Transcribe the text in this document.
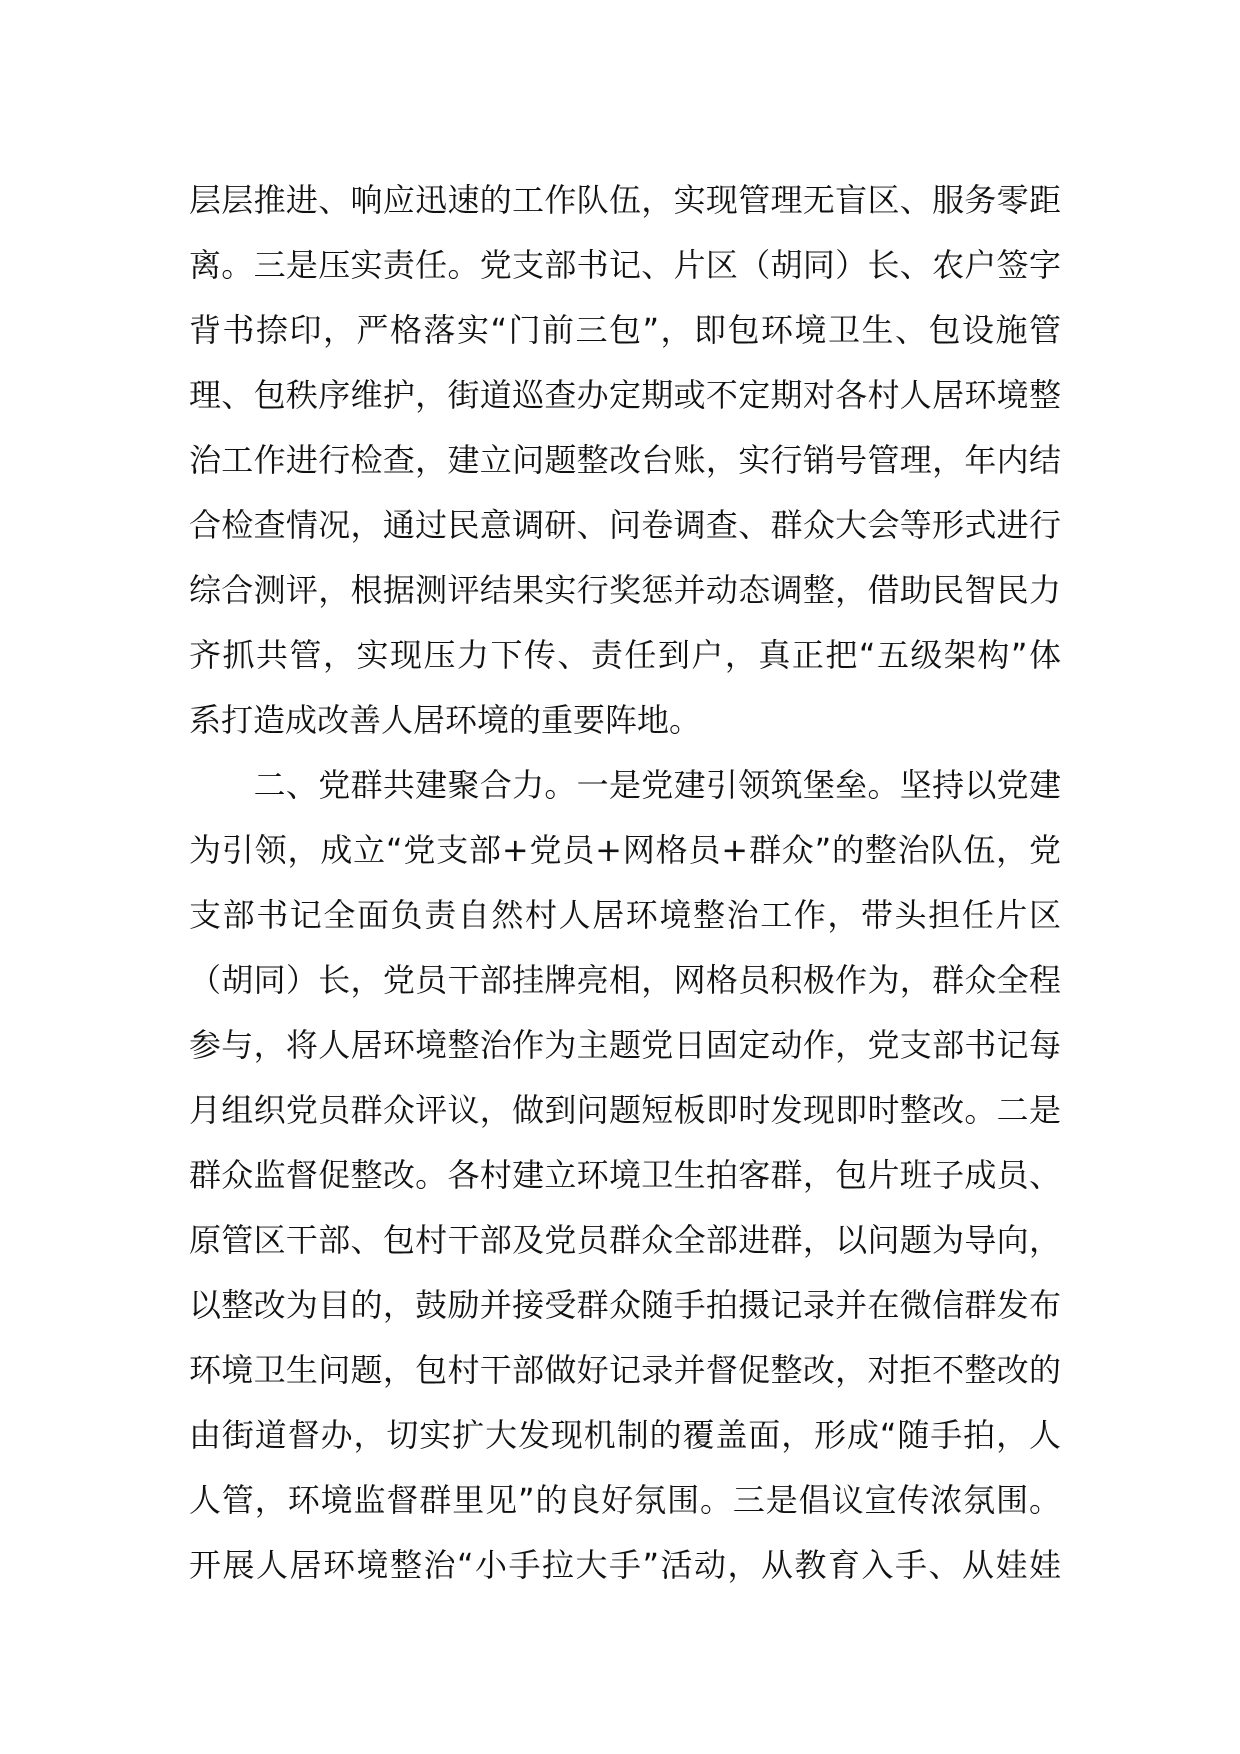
层层推进、响应迅速的工作队伍，实现管理无盲区、服务零距
离。三是压实责任。党支部书记、片区（胡同）长、农户签字
背书捺印，严格落实“门前三包”，即包环境卫生、包设施管
理、包秩序维护，街道巡查办定期或不定期对各村人居环境整
治工作进行检查，建立问题整改台账，实行销号管理，年内结
合检查情况，通过民意调研、问卷调查、群众大会等形式进行
综合测评，根据测评结果实行奖惩并动态调整，借助民智民力
齐抓共管，实现压力下传、责任到户，真正把“五级架构”体
系打造成改善人居环境的重要阵地。
　　二、党群共建聚合力。一是党建引领筑堡垒。坚持以党建
为引领，成立“党支部+党员+网格员+群众”的整治队伍，党
支部书记全面负责自然村人居环境整治工作，带头担任片区
（胡同）长，党员干部挂牌亮相，网格员积极作为，群众全程
参与，将人居环境整治作为主题党日固定动作，党支部书记每
月组织党员群众评议，做到问题短板即时发现即时整改。二是
群众监督促整改。各村建立环境卫生拍客群，包片班子成员、
原管区干部、包村干部及党员群众全部进群，以问题为导向，
以整改为目的，鼓励并接受群众随手拍摄记录并在微信群发布
环境卫生问题，包村干部做好记录并督促整改，对拒不整改的
由街道督办，切实扩大发现机制的覆盖面，形成“随手拍，人
人管，环境监督群里见”的良好氛围。三是倡议宣传浓氛围。
开展人居环境整治“小手拉大手”活动，从教育入手、从娃娃
